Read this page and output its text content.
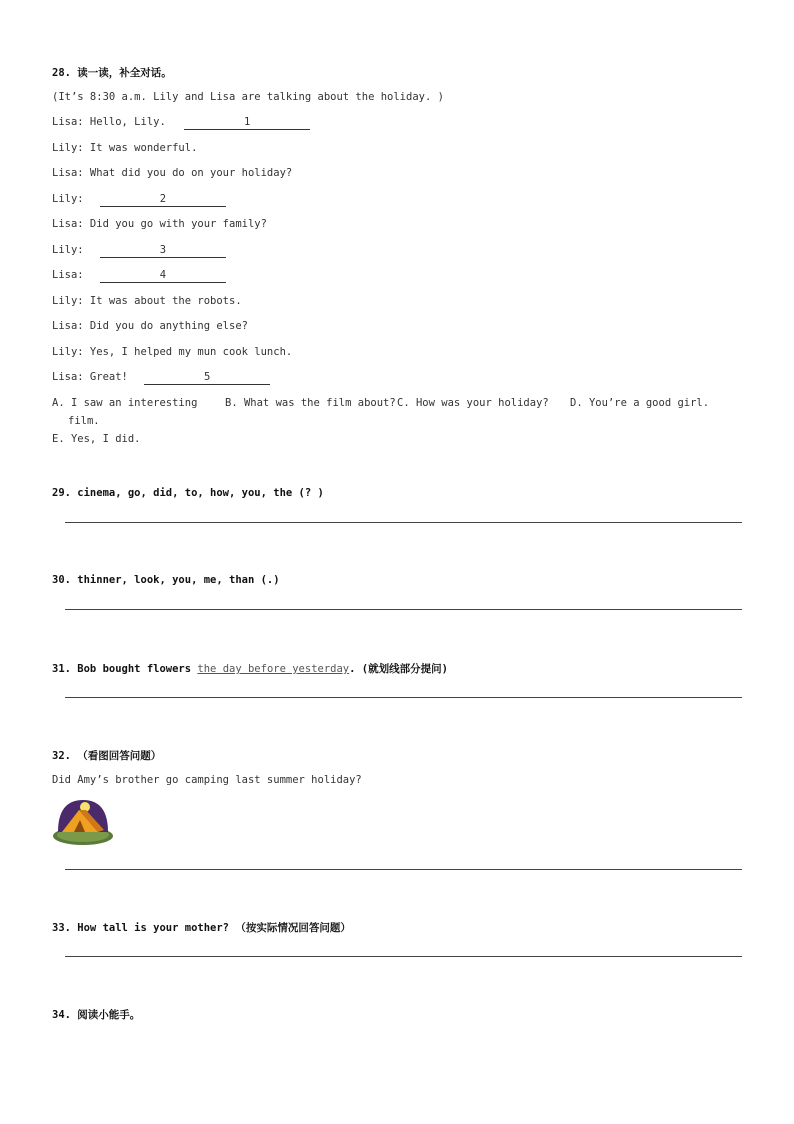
28. 读一读，补全对话。
(It’s 8:30 a.m. Lily and Lisa are talking about the holiday. )
Lisa: Hello, Lily.	1
Lily: It was wonderful.
Lisa: What did you do on your holiday?
Lily:	2
Lisa: Did you go with your family?
Lily:	3
Lisa:	4
Lily: It was about the robots.
Lisa: Did you do anything else?
Lily: Yes, I helped my mun cook lunch.
Lisa: Great!	5
A. I saw an interesting
film.
B. What was the film about? C. How was your holiday? D. You’re a good girl.
E. Yes, I did.
29. cinema, go, did, to, how, you, the (? )
30. thinner, look, you, me, than (.)
31. Bob bought flowers the day before yesterday. (就划线部分提问)
32. （看图回答问题）
Did Amy’s brother go camping last summer holiday?
33. How tall is your mother? （按实际情况回答问题）
34. 阅读小能手。
